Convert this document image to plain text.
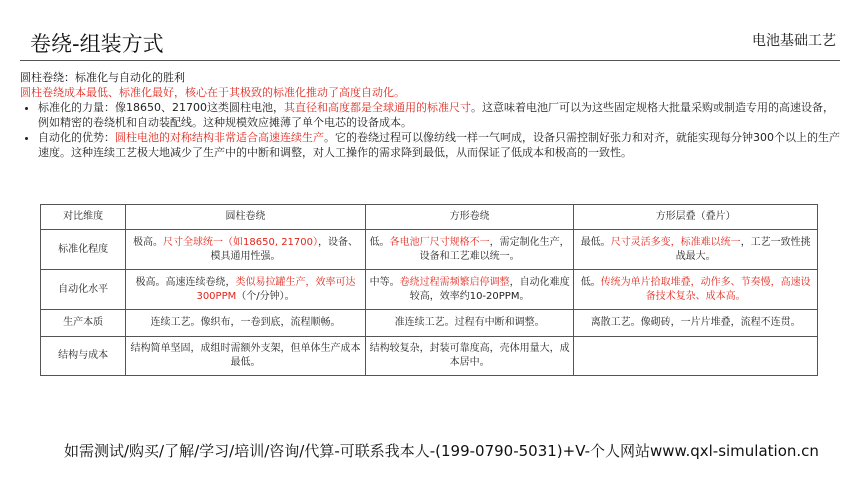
卷绕-组装方式	电池基础工艺
圆柱卷绕：标准化与自动化的胜利
圆柱卷绕成本最低、标准化最好，核心在于其极致的标准化推动了高度自动化。
• 标准化的力量：像18650、21700这类圆柱电池，其直径和高度都是全球通用的标准尺寸。这意味着电池厂可以为这些固定规格大批量采购或制造专用的高速设备，例如精密的卷绕机和自动装配线。这种规模效应摊薄了单个电芯的设备成本。
• 自动化的优势：圆柱电池的对称结构非常适合高速连续生产。它的卷绕过程可以像纺线一样一气呵成，设备只需控制好张力和对齐，就能实现每分钟300个以上的生产速度。这种连续工艺极大地减少了生产中的中断和调整，对人工操作的需求降到最低，从而保证了低成本和极高的一致性。
对比维度	圆柱卷绕	方形卷绕	方形层叠（叠片）
标准化程度	极高。尺寸全球统一（如18650, 21700），设备、模具通用性强。	低。各电池厂尺寸规格不一，需定制化生产，设备和工艺难以统一。	最低。尺寸灵活多变，标准难以统一，工艺一致性挑战最大。
自动化水平	极高。高速连续卷绕，类似易拉罐生产，效率可达300PPM（个/分钟）。	中等。卷绕过程需频繁启停调整，自动化难度较高，效率约10-20PPM。	低。传统为单片拾取堆叠，动作多、节奏慢，高速设备技术复杂、成本高。
生产本质	连续工艺。像织布，一卷到底，流程顺畅。	准连续工艺。过程有中断和调整。	离散工艺。像砌砖，一片片堆叠，流程不连贯。
结构与成本	结构简单坚固，成组时需额外支架，但单体生产成本最低。	结构较复杂，封装可靠度高，壳体用量大，成本居中。	
如需测试/购买/了解/学习/培训/咨询/代算-可联系我本人-(199-0790-5031)+V-个人网站www.qxl-simulation.cn
